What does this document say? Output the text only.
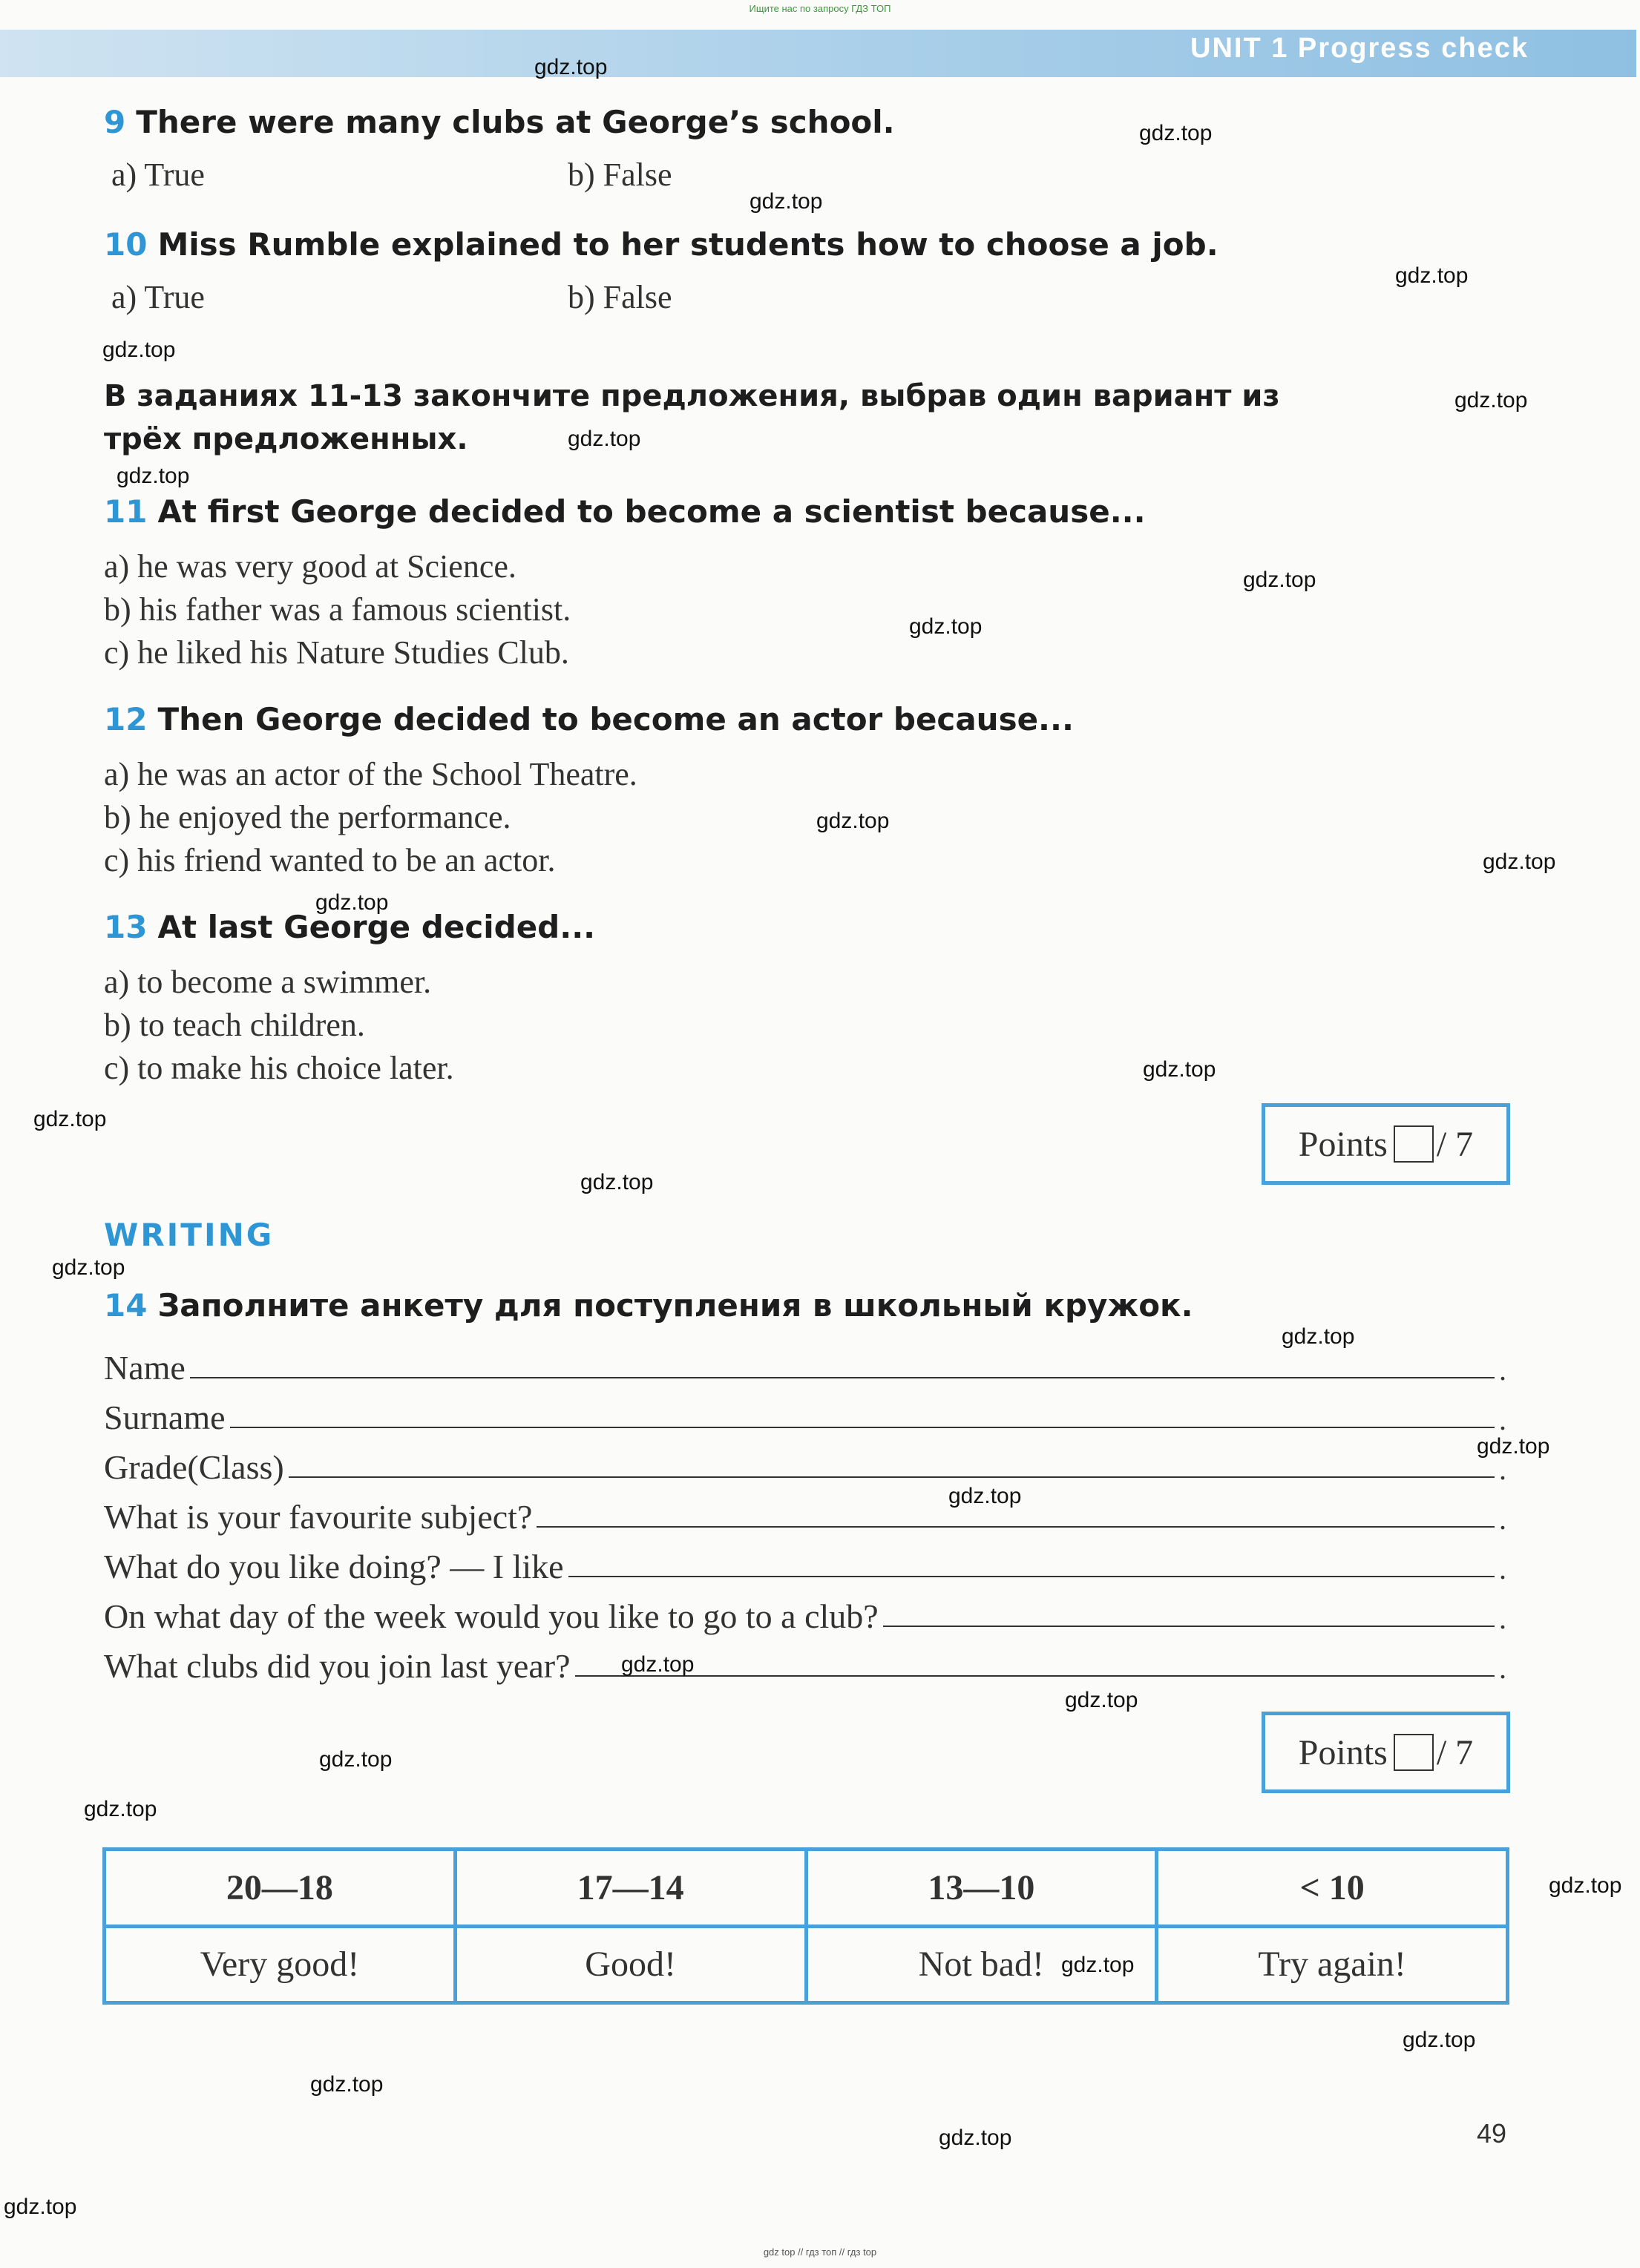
Ищите нас по запросу ГДЗ ТОП
UNIT 1 Progress check
9 There were many clubs at George’s school.
a) True	b) False
10 Miss Rumble explained to her students how to choose a job.
a) True	b) False
В заданиях 11-13 закончите предложения, выбрав один вариант из трёх предложенных.
11 At first George decided to become a scientist because...
a) he was very good at Science.
b) his father was a famous scientist.
c) he liked his Nature Studies Club.
12 Then George decided to become an actor because...
a) he was an actor of the School Theatre.
b) he enjoyed the performance.
c) his friend wanted to be an actor.
13 At last George decided...
a) to become a swimmer.
b) to teach children.
c) to make his choice later.
Points / 7
WRITING
14 Заполните анкету для поступления в школьный кружок.
Name	.
Surname	.
Grade(Class)	.
What is your favourite subject?	.
What do you like doing? — I like	.
On what day of the week would you like to go to a club?	.
What clubs did you join last year?	.
Points / 7
20—18	17—14	13—10	< 10
Very good!	Good!	Not bad!	Try again!
49
gdz.top
gdz.top
gdz.top
gdz.top
gdz.top
gdz.top
gdz.top
gdz.top
gdz.top
gdz.top
gdz.top
gdz.top
gdz.top
gdz.top
gdz.top
gdz.top
gdz.top
gdz.top
gdz.top
gdz.top
gdz.top
gdz.top
gdz.top
gdz.top
gdz.top
gdz.top
gdz.top
gdz.top
gdz.top
gdz.top
gdz top // гдз топ // гдз top
